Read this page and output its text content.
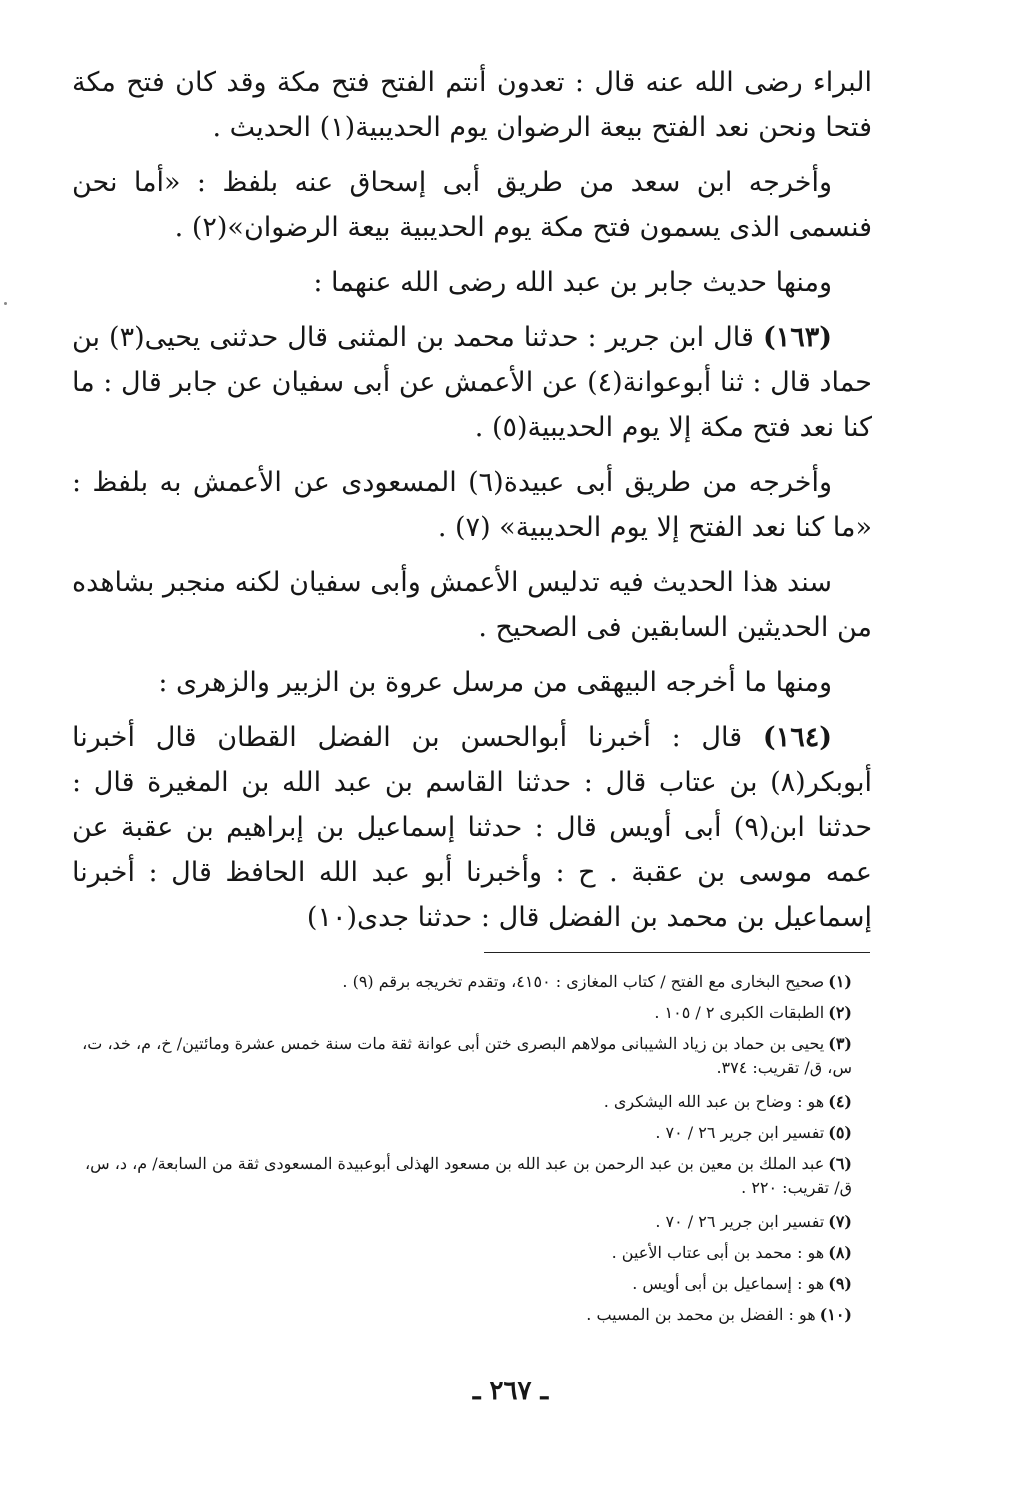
البراء رضى الله عنه قال : تعدون أنتم الفتح فتح مكة وقد كان فتح مكة فتحا ونحن نعد الفتح بيعة الرضوان يوم الحديبية(١) الحديث .

وأخرجه ابن سعد من طريق أبى إسحاق عنه بلفظ : «أما نحن فنسمى الذى يسمون فتح مكة يوم الحديبية بيعة الرضوان»(٢) .

ومنها حديث جابر بن عبد الله رضى الله عنهما :

(١٦٣) قال ابن جرير : حدثنا محمد بن المثنى قال حدثنى يحيى(٣) بن حماد قال : ثنا أبوعوانة(٤) عن الأعمش عن أبى سفيان عن جابر قال : ما كنا نعد فتح مكة إلا يوم الحديبية(٥) .

وأخرجه من طريق أبى عبيدة(٦) المسعودى عن الأعمش به بلفظ : «ما كنا نعد الفتح إلا يوم الحديبية» (٧) .

سند هذا الحديث فيه تدليس الأعمش وأبى سفيان لكنه منجبر بشاهده من الحديثين السابقين فى الصحيح .

ومنها ما أخرجه البيهقى من مرسل عروة بن الزبير والزهرى :

(١٦٤) قال : أخبرنا أبوالحسن بن الفضل القطان قال أخبرنا أبوبكر(٨) بن عتاب قال : حدثنا القاسم بن عبد الله بن المغيرة قال : حدثنا ابن(٩) أبى أويس قال : حدثنا إسماعيل بن إبراهيم بن عقبة عن عمه موسى بن عقبة . ح : وأخبرنا أبو عبد الله الحافظ قال : أخبرنا إسماعيل بن محمد بن الفضل قال : حدثنا جدى(١٠)

(١)صحيح البخارى مع الفتح / كتاب المغازى : ٤١٥٠، وتقدم تخريجه برقم (٩) .

(٢)الطبقات الكبرى ٢ / ١٠٥ .

(٣)يحيى بن حماد بن زياد الشيبانى مولاهم البصرى ختن أبى عوانة ثقة مات سنة خمس عشرة ومائتين/ خ، م، خد، ت، س، ق/ تقريب: ٣٧٤.

(٤)هو : وضاح بن عبد الله اليشكرى .

(٥)تفسير ابن جرير ٢٦ / ٧٠ .

(٦)عبد الملك بن معين بن عبد الرحمن بن عبد الله بن مسعود الهذلى أبوعبيدة المسعودى ثقة من السابعة/ م، د، س، ق/ تقريب: ٢٢٠ .

(٧)تفسير ابن جرير ٢٦ / ٧٠ .

(٨)هو : محمد بن أبى عتاب الأعين .

(٩)هو : إسماعيل بن أبى أويس .

(١٠)هو : الفضل بن محمد بن المسيب .

ـ ٢٦٧ ـ
